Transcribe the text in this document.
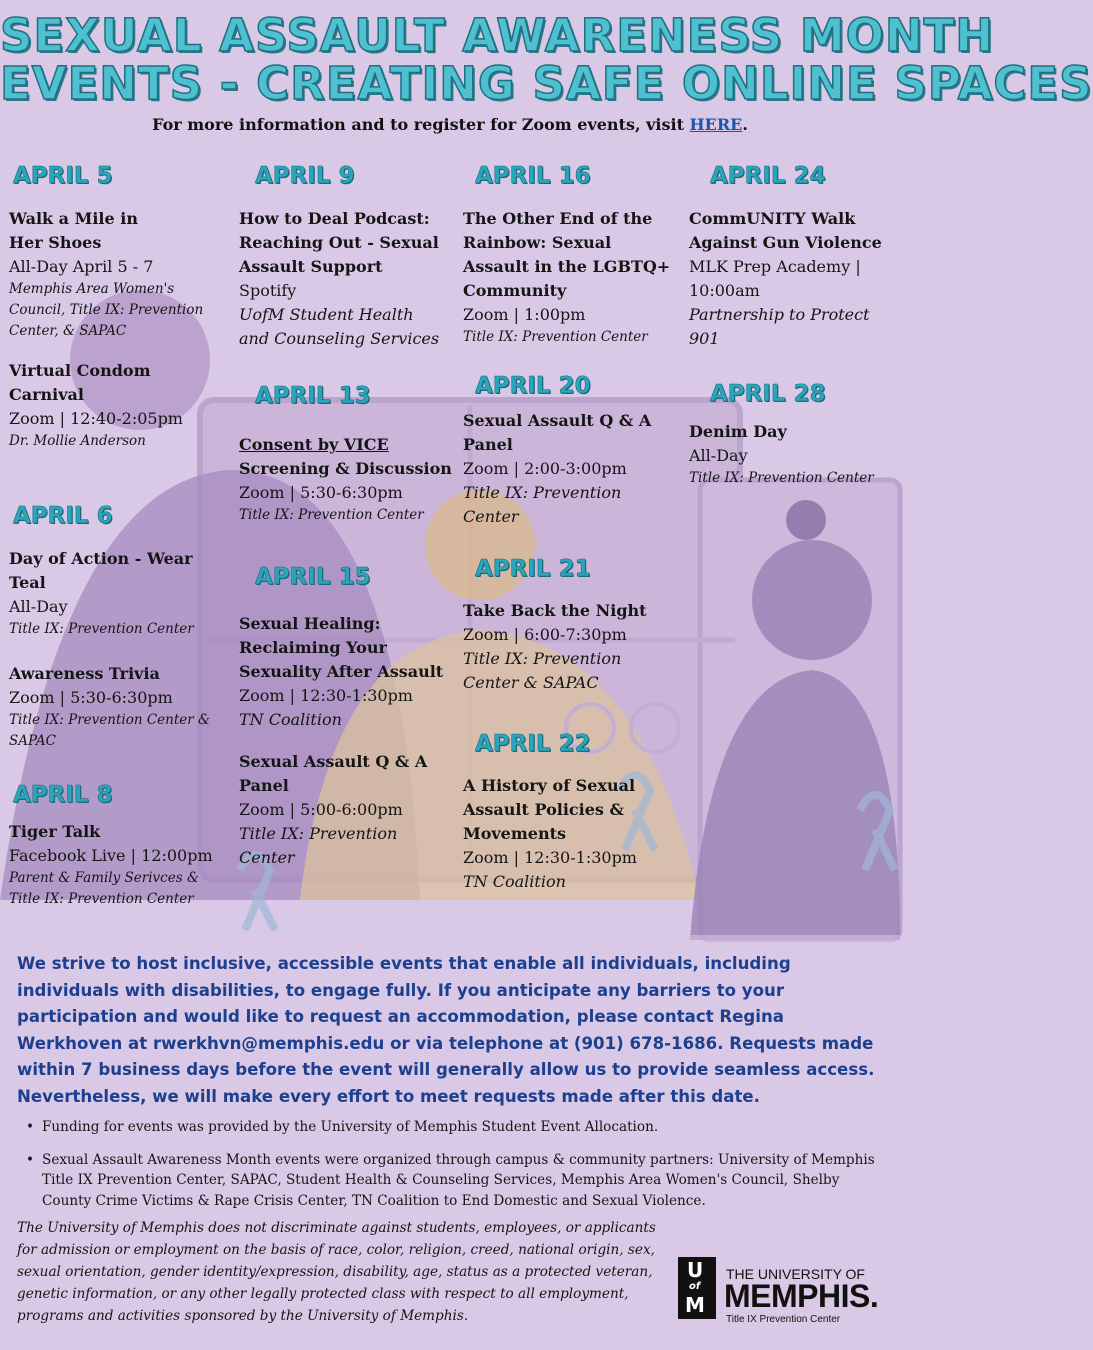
SEXUAL ASSAULT AWARENESS MONTH
EVENTS - CREATING SAFE ONLINE SPACES
For more information and to register for Zoom events, visit HERE.
APRIL 5
Walk a Mile in
Her Shoes
All-Day April 5 - 7
Memphis Area Women's
Council, Title IX: Prevention
Center, & SAPAC
Virtual Condom
Carnival
Zoom | 12:40-2:05pm
Dr. Mollie Anderson
APRIL 6
Day of Action - Wear
Teal
All-Day
Title IX: Prevention Center
Awareness Trivia
Zoom | 5:30-6:30pm
Title IX: Prevention Center &
SAPAC
APRIL 8
Tiger Talk
Facebook Live | 12:00pm
Parent & Family Serivces &
Title IX: Prevention Center
APRIL 9
How to Deal Podcast:
Reaching Out - Sexual
Assault Support
Spotify
UofM Student Health
and Counseling Services
APRIL 13
Consent by VICE
Screening & Discussion
Zoom | 5:30-6:30pm
Title IX: Prevention Center
APRIL 15
Sexual Healing:
Reclaiming Your
Sexuality After Assault
Zoom | 12:30-1:30pm
TN Coalition
Sexual Assault Q & A
Panel
Zoom | 5:00-6:00pm
Title IX: Prevention
Center
APRIL 16
The Other End of the
Rainbow: Sexual
Assault in the LGBTQ+
Community
Zoom | 1:00pm
Title IX: Prevention Center
APRIL 20
Sexual Assault Q & A
Panel
Zoom | 2:00-3:00pm
Title IX: Prevention
Center
APRIL 21
Take Back the Night
Zoom | 6:00-7:30pm
Title IX: Prevention
Center & SAPAC
APRIL 22
A History of Sexual
Assault Policies &
Movements
Zoom | 12:30-1:30pm
TN Coalition
APRIL 24
CommUNITY Walk
Against Gun Violence
MLK Prep Academy |
10:00am
Partnership to Protect
901
APRIL 28
Denim Day
All-Day
Title IX: Prevention Center
We strive to host inclusive, accessible events that enable all individuals, including individuals with disabilities, to engage fully. If you anticipate any barriers to your participation and would like to request an accommodation, please contact Regina Werkhoven at rwerkhvn@memphis.edu or via telephone at (901) 678-1686. Requests made within 7 business days before the event will generally allow us to provide seamless access. Nevertheless, we will make every effort to meet requests made after this date.
• Funding for events was provided by the University of Memphis Student Event Allocation.
• Sexual Assault Awareness Month events were organized through campus & community partners: University of Memphis Title IX Prevention Center, SAPAC, Student Health & Counseling Services, Memphis Area Women's Council, Shelby County Crime Victims & Rape Crisis Center, TN Coalition to End Domestic and Sexual Violence.
The University of Memphis does not discriminate against students, employees, or applicants for admission or employment on the basis of race, color, religion, creed, national origin, sex, sexual orientation, gender identity/expression, disability, age, status as a protected veteran, genetic information, or any other legally protected class with respect to all employment, programs and activities sponsored by the University of Memphis.
U
of
M
THE UNIVERSITY OF
MEMPHIS.
Title IX Prevention Center
